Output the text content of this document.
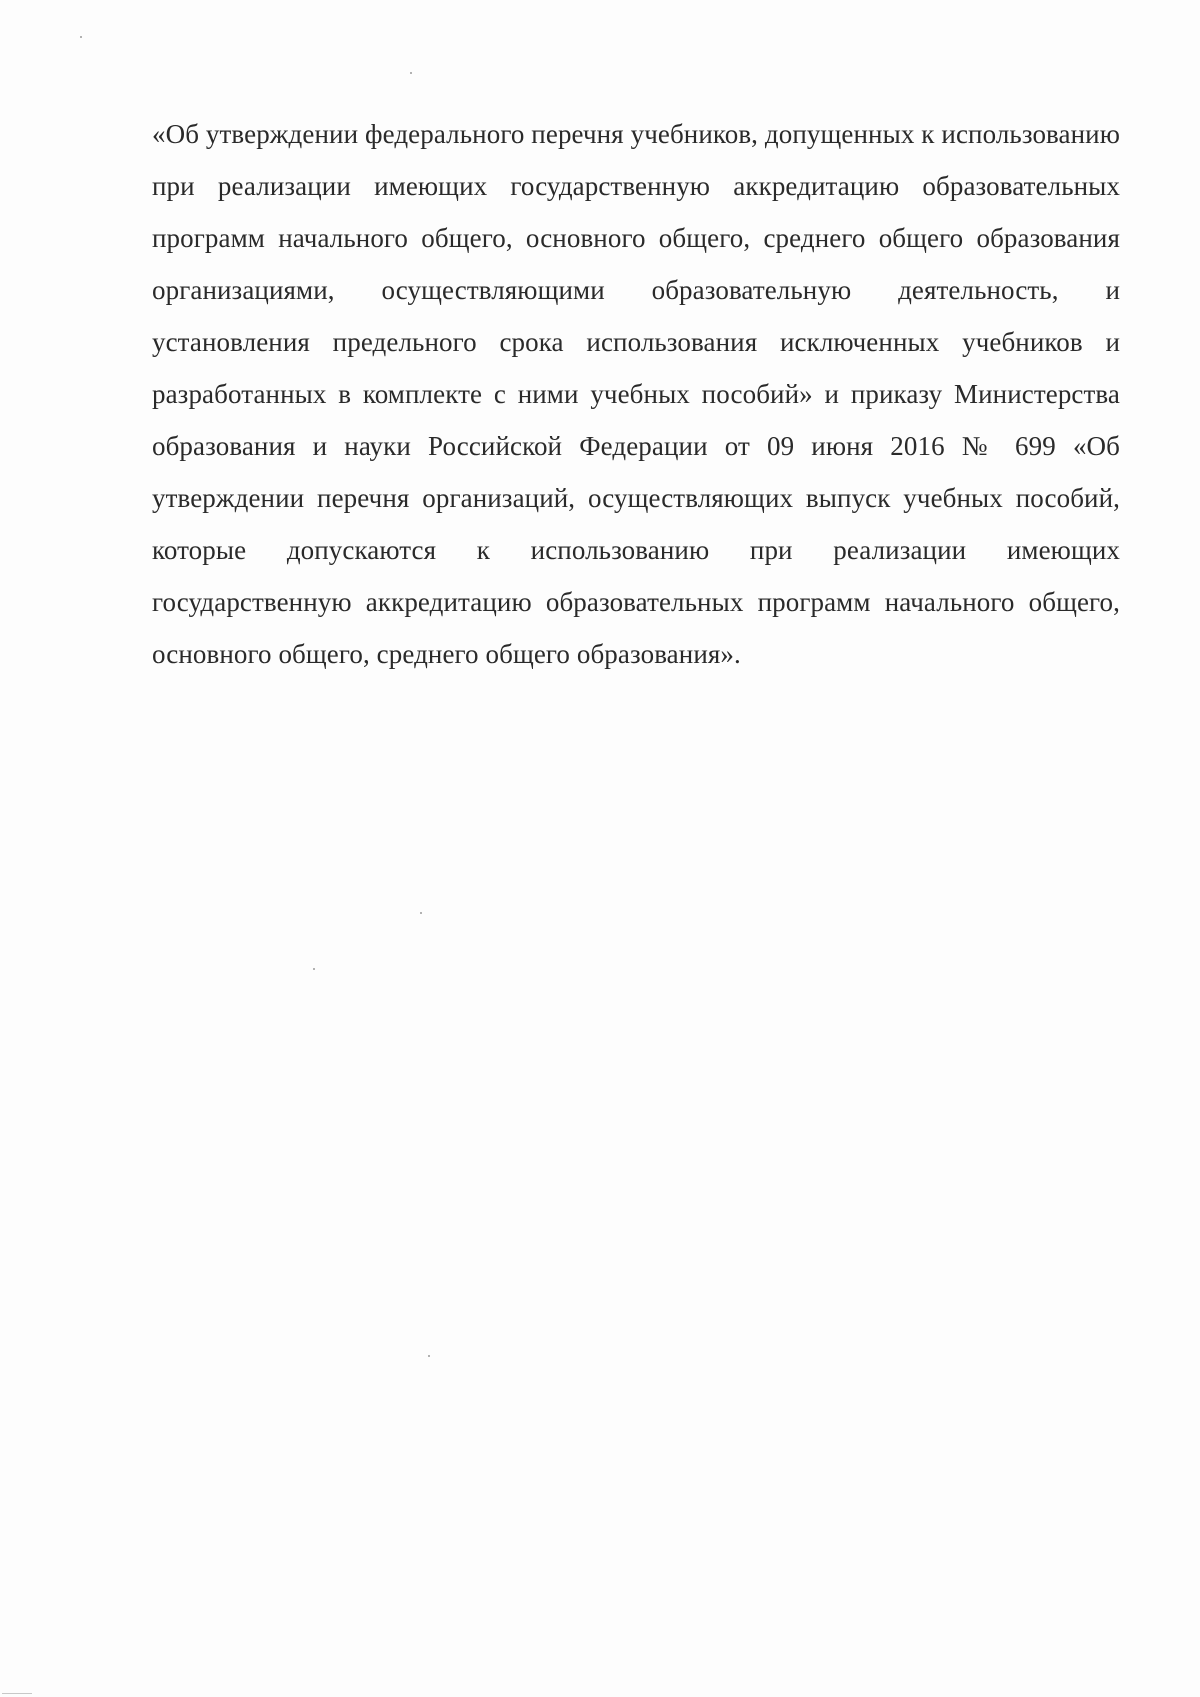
«Об утверждении федерального перечня учебников, допущенных к использованию при реализации имеющих государственную аккредитацию образовательных программ начального общего, основного общего, среднего общего образования организациями, осуществляющими образовательную деятельность, и установления предельного срока использования исключенных учебников и разработанных в комплекте с ними учебных пособий» и приказу Министерства образования и науки Российской Федерации от 09 июня 2016 № 699 «Об утверждении перечня организаций, осуществляющих выпуск учебных пособий, которые допускаются к использованию при реализации имеющих государственную аккредитацию образовательных программ начального общего, основного общего, среднего общего образования».
